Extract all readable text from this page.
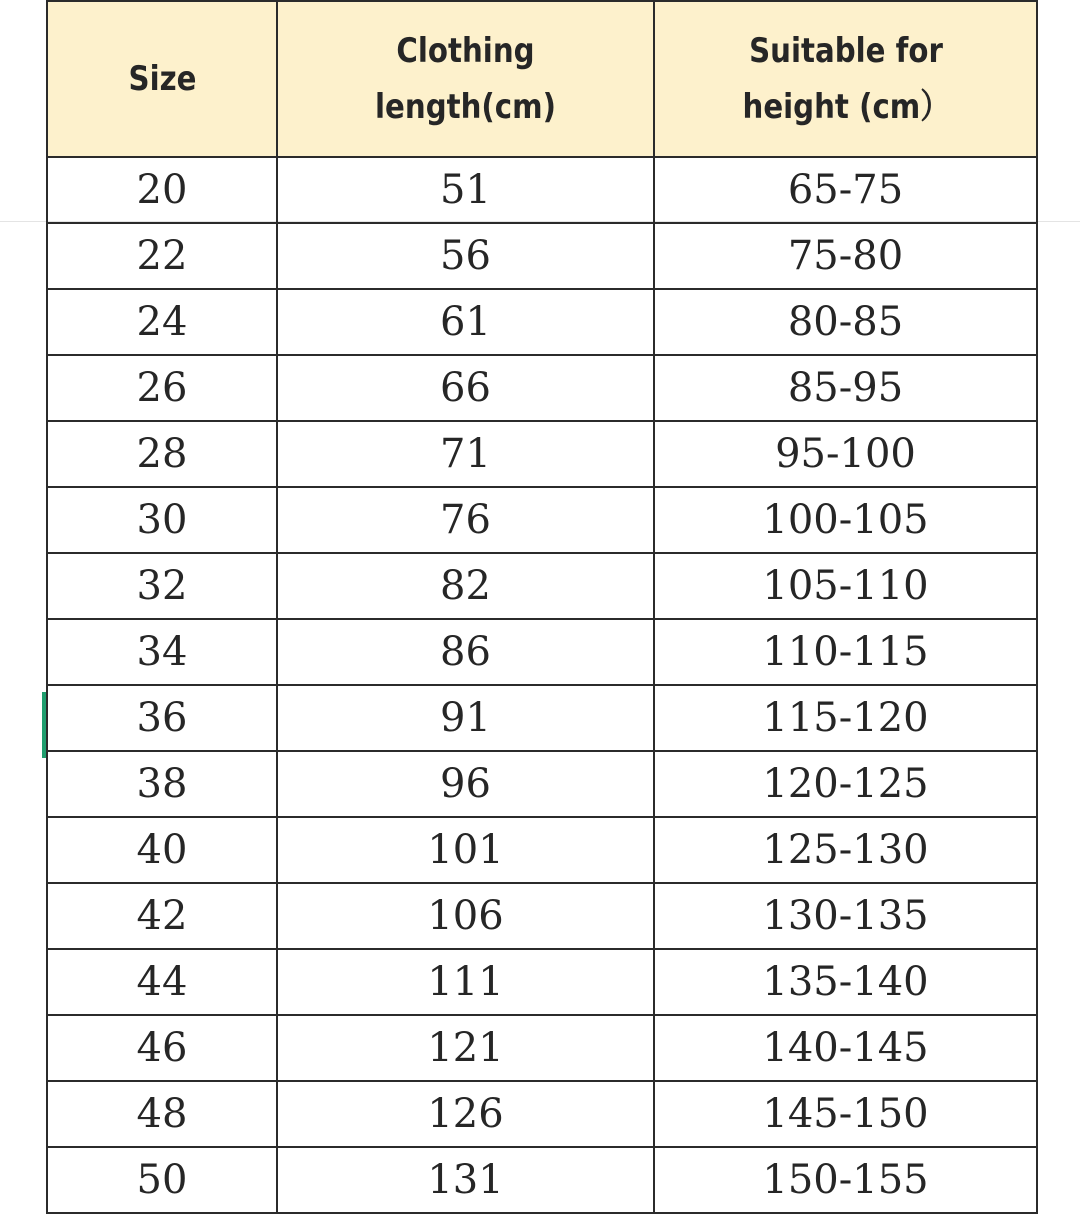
Size	Clothing length(cm)	Suitable for height (cm）
20	51	65-75
22	56	75-80
24	61	80-85
26	66	85-95
28	71	95-100
30	76	100-105
32	82	105-110
34	86	110-115
36	91	115-120
38	96	120-125
40	101	125-130
42	106	130-135
44	111	135-140
46	121	140-145
48	126	145-150
50	131	150-155
